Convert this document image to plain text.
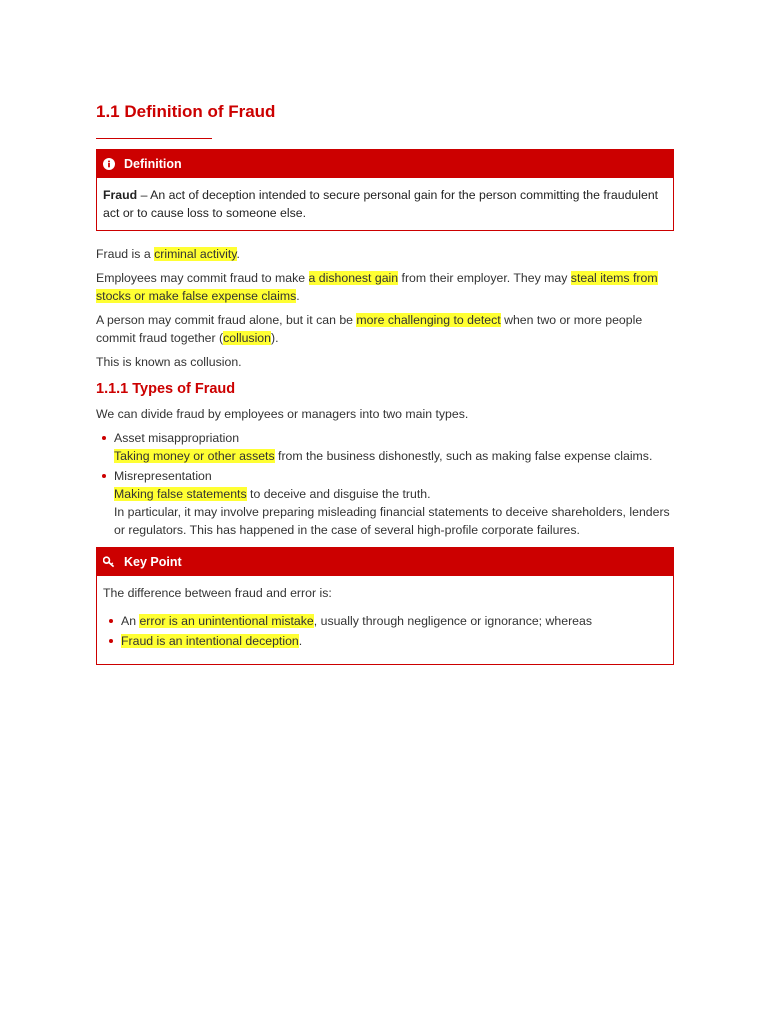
1.1 Definition of Fraud
Definition

Fraud – An act of deception intended to secure personal gain for the person committing the fraudulent act or to cause loss to someone else.

Fraud is a criminal activity.

Employees may commit fraud to make a dishonest gain from their employer. They may steal items from stocks or make false expense claims.

A person may commit fraud alone, but it can be more challenging to detect when two or more people commit fraud together (collusion).

This is known as collusion.

1.1.1 Types of Fraud

We can divide fraud by employees or managers into two main types.

Asset misappropriation
Taking money or other assets from the business dishonestly, such as making false expense claims.
Misrepresentation
Making false statements to deceive and disguise the truth.
In particular, it may involve preparing misleading financial statements to deceive shareholders, lenders or regulators. This has happened in the case of several high-profile corporate failures.
Key Point

The difference between fraud and error is:

An error is an unintentional mistake, usually through negligence or ignorance; whereas
Fraud is an intentional deception.
